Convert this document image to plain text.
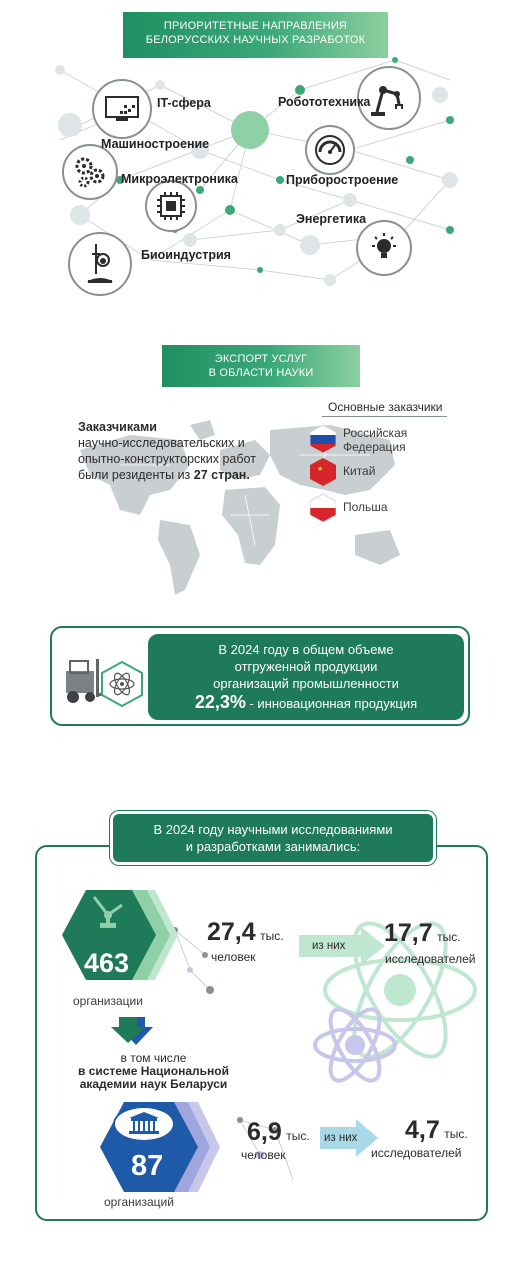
ПРИОРИТЕТНЫЕ НАПРАВЛЕНИЯ
БЕЛОРУССКИХ НАУЧНЫХ РАЗРАБОТОК
IT-сфера
Машиностроение
Микроэлектроника
Биоиндустрия
Робототехника
Приборостроение
Энергетика
ЭКСПОРТ УСЛУГ
В ОБЛАСТИ НАУКИ
Заказчиками
научно-исследовательских и
опытно-конструкторских работ
были резиденты из 27 стран.
Основные заказчики
Российская
Федерация
★ Китай
Польша
В 2024 году в общем объеме
отгруженной продукции
организаций промышленности
22,3% - инновационная продукция
В 2024 году научными исследованиями
и разработками занимались:
463
организации
27,4 тыс.
человек
из них 17,7 тыс.
исследователей
в том числе
в системе Национальной
академии наук Беларуси
87
организаций
6,9 тыс.
человек
из них 4,7 тыс.
исследователей
